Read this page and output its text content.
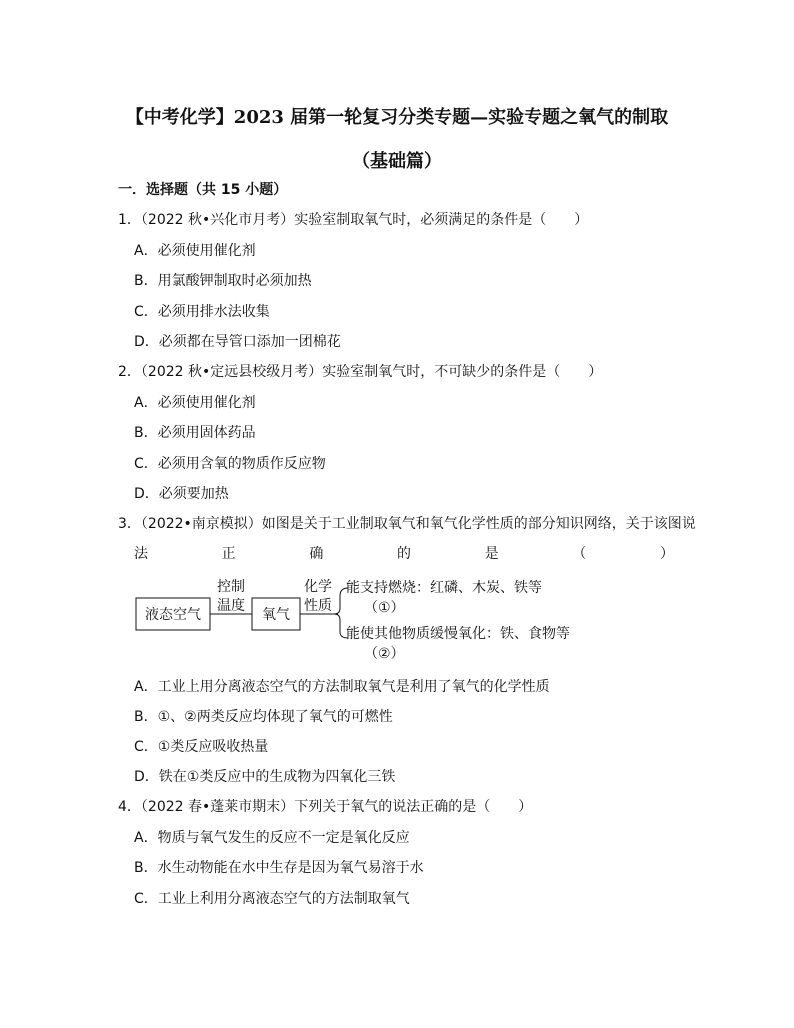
【中考化学】2023 届第一轮复习分类专题—实验专题之氧气的制取
（基础篇）
一．选择题（共 15 小题）
1．（2022 秋•兴化市月考）实验室制取氧气时，必须满足的条件是（　　）
A．必须使用催化剂
B．用氯酸钾制取时必须加热
C．必须用排水法收集
D．必须都在导管口添加一团棉花
2．（2022 秋•定远县校级月考）实验室制氧气时，不可缺少的条件是（　　）
A．必须使用催化剂
B．必须用固体药品
C．必须用含氧的物质作反应物
D．必须要加热
3．（2022•南京模拟）如图是关于工业制取氧气和氧气化学性质的部分知识网络，关于该图说
法	正	确	的	是	（	）
液态空气
控制
温度
氧气
化学
性质
能支持燃烧：红磷、木炭、铁等
（①）
能使其他物质缓慢氧化：铁、食物等
（②）
A．工业上用分离液态空气的方法制取氧气是利用了氧气的化学性质
B．①、②两类反应均体现了氧气的可燃性
C．①类反应吸收热量
D．铁在①类反应中的生成物为四氧化三铁
4．（2022 春•蓬莱市期末）下列关于氧气的说法正确的是（　　）
A．物质与氧气发生的反应不一定是氧化反应
B．水生动物能在水中生存是因为氧气易溶于水
C．工业上利用分离液态空气的方法制取氧气
